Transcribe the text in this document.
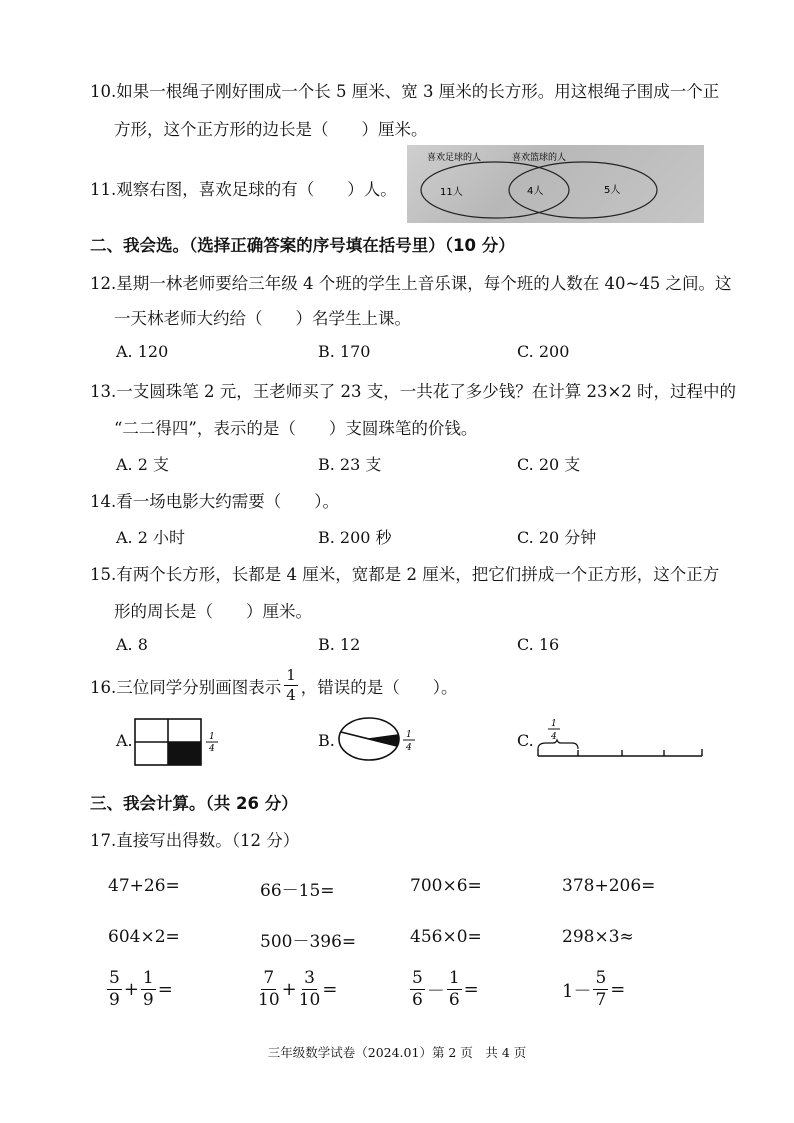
10.如果一根绳子刚好围成一个长 5 厘米、宽 3 厘米的长方形。用这根绳子围成一个正
方形，这个正方形的边长是（　　）厘米。
11.观察右图，喜欢足球的有（　　）人。
喜欢足球的人	喜欢篮球的人
11人	4人	5人
二、我会选。（选择正确答案的序号填在括号里）（10 分）
12.星期一林老师要给三年级 4 个班的学生上音乐课，每个班的人数在 40~45 之间。这
一天林老师大约给（　　）名学生上课。
A. 120	B. 170	C. 200
13.一支圆珠笔 2 元，王老师买了 23 支，一共花了多少钱？在计算 23×2 时，过程中的
“二二得四”，表示的是（　　）支圆珠笔的价钱。
A. 2 支	B. 23 支	C. 20 支
14.看一场电影大约需要（　　）。
A. 2 小时	B. 200 秒	C. 20 分钟
15.有两个长方形，长都是 4 厘米，宽都是 2 厘米，把它们拼成一个正方形，这个正方
形的周长是（　　）厘米。
A. 8	B. 12	C. 16
16.三位同学分别画图表示 $\frac{1}{4}$ ，错误的是（　　）。
A.	1
4	B.	1
4	C.
1
4
三、我会计算。（共 26 分）
17.直接写出得数。（12 分）
47+26=	66－15=	700×6=	378+206=
604×2=	500－396=	456×0=	298×3≈
$\frac{5}{9} + \frac{1}{9}$ =	$\frac{7}{10} + \frac{3}{10}$ =	$\frac{5}{6} - \frac{1}{6}$ =	$1- \frac{5}{7}$ =
三年级数学试卷（2024.01）第 2 页　共 4 页
